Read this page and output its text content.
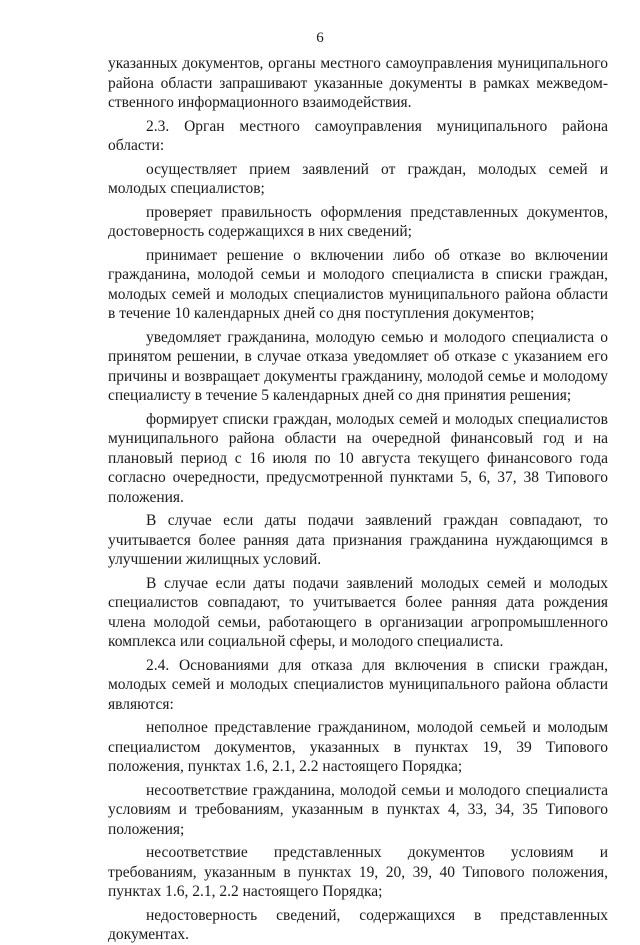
6

указанных документов, органы местного самоуправления муниципального района области запрашивают указанные документы в рамках межведомственного информационного взаимодействия.

2.3. Орган местного самоуправления муниципального района области:

осуществляет прием заявлений от граждан, молодых семей и молодых специалистов;

проверяет правильность оформления представленных документов, достоверность содержащихся в них сведений;

принимает решение о включении либо об отказе во включении гражданина, молодой семьи и молодого специалиста в списки граждан, молодых семей и молодых специалистов муниципального района области в течение 10 календарных дней со дня поступления документов;

уведомляет гражданина, молодую семью и молодого специалиста о принятом решении, в случае отказа уведомляет об отказе с указанием его причины и возвращает документы гражданину, молодой семье и молодому специалисту в течение 5 календарных дней со дня принятия решения;

формирует списки граждан, молодых семей и молодых специалистов муниципального района области на очередной финансовый год и на плановый период с 16 июля по 10 августа текущего финансового года согласно очередности, предусмотренной пунктами 5, 6, 37, 38 Типового положения.

В случае если даты подачи заявлений граждан совпадают, то учитывается более ранняя дата признания гражданина нуждающимся в улучшении жилищных условий.

В случае если даты подачи заявлений молодых семей и молодых специалистов совпадают, то учитывается более ранняя дата рождения члена молодой семьи, работающего в организации агропромышленного комплекса или социальной сферы, и молодого специалиста.

2.4. Основаниями для отказа для включения в списки граждан, молодых семей и молодых специалистов муниципального района области являются:

неполное представление гражданином, молодой семьей и молодым специалистом документов, указанных в пунктах 19, 39 Типового положения, пунктах 1.6, 2.1, 2.2 настоящего Порядка;

несоответствие гражданина, молодой семьи и молодого специалиста условиям и требованиям, указанным в пунктах 4, 33, 34, 35 Типового положения;

несоответствие представленных документов условиям и требованиям, указанным в пунктах 19, 20, 39, 40 Типового положения, пунктах 1.6, 2.1, 2.2 настоящего Порядка;

недостоверность сведений, содержащихся в представленных документах.
